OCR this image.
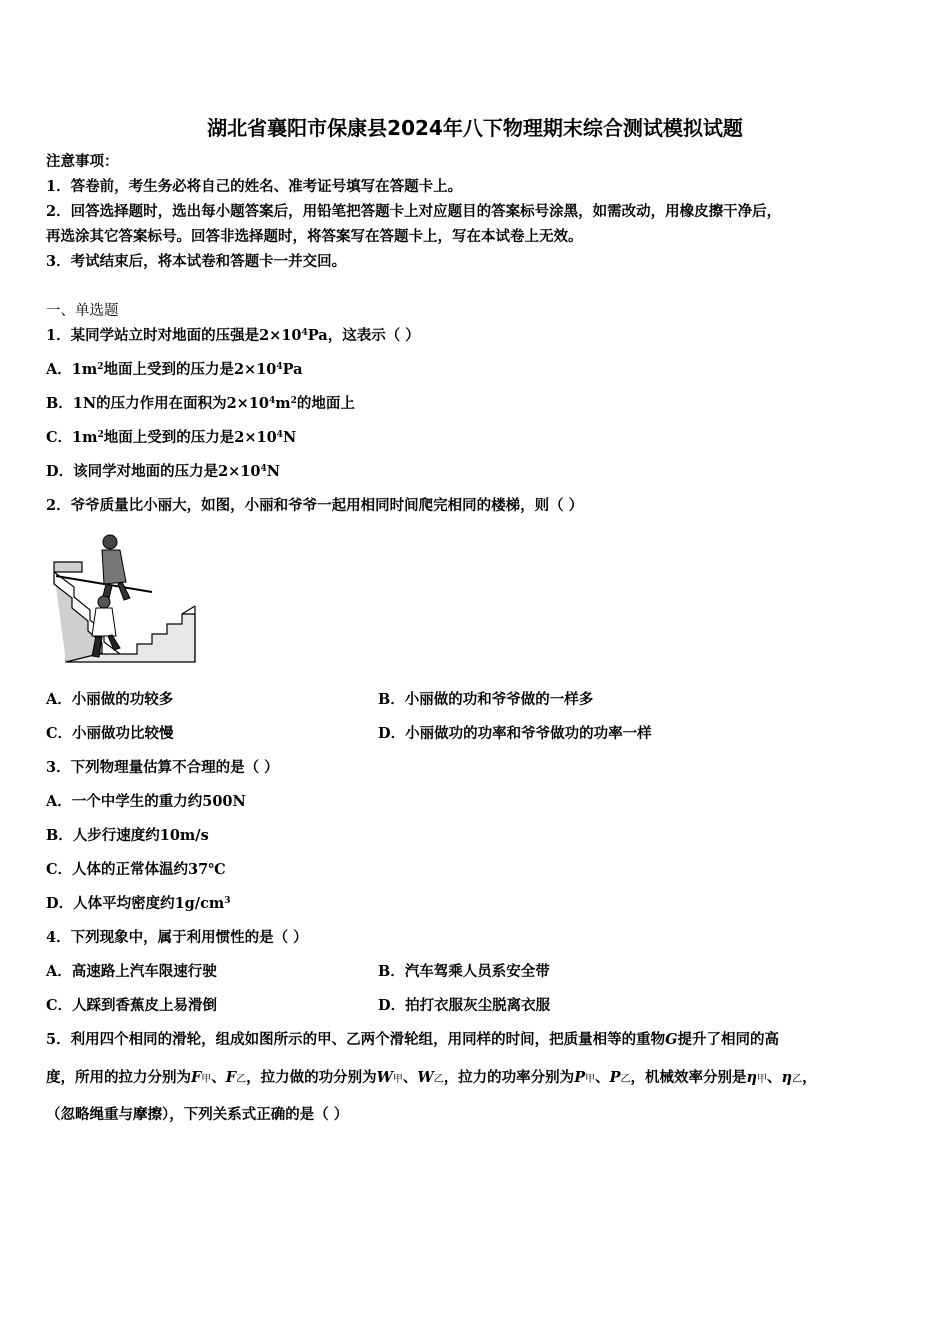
湖北省襄阳市保康县2024年八下物理期末综合测试模拟试题
注意事项：
1．答卷前，考生务必将自己的姓名、准考证号填写在答题卡上。
2．回答选择题时，选出每小题答案后，用铅笔把答题卡上对应题目的答案标号涂黑，如需改动，用橡皮擦干净后，
再选涂其它答案标号。回答非选择题时，将答案写在答题卡上，写在本试卷上无效。
3．考试结束后，将本试卷和答题卡一并交回。
一、单选题
1．某同学站立时对地面的压强是$2\times 10^4Pa$，这表示（ ）
A．$1m^2$地面上受到的压力是$2\times 10^4Pa$
B．1N的压力作用在面积为$2\times 10^4m^2$的地面上
C．$1m^2$地面上受到的压力是$2\times 10^4N$
D．该同学对地面的压力是$2\times 10^4N$
2．爷爷质量比小丽大，如图，小丽和爷爷一起用相同时间爬完相同的楼梯，则（ ）
A．小丽做的功较多	B．小丽做的功和爷爷做的一样多
C．小丽做功比较慢	D．小丽做功的功率和爷爷做功的功率一样
3．下列物理量估算不合理的是（ ）
A．一个中学生的重力约500N
B．人步行速度约10m/s
C．人体的正常体温约37℃
D．人体平均密度约$1g/cm^3$
4．下列现象中，属于利用惯性的是（ ）
A．高速路上汽车限速行驶	B．汽车驾乘人员系安全带
C．人踩到香蕉皮上易滑倒	D．拍打衣服灰尘脱离衣服
5．利用四个相同的滑轮，组成如图所示的甲、乙两个滑轮组，用同样的时间，把质量相等的重物G提升了相同的高
度，所用的拉力分别为F甲、F乙，拉力做的功分别为W甲、W乙，拉力的功率分别为P甲、P乙，机械效率分别是η甲、η乙，
（忽略绳重与摩擦），下列关系式正确的是（ ）
